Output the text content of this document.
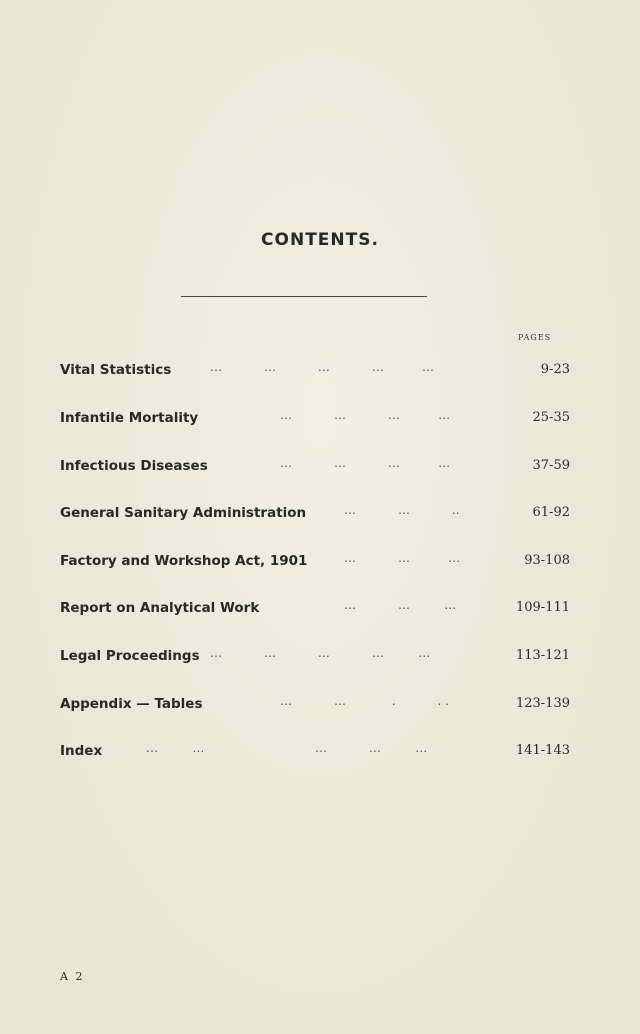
CONTENTS.
PAGES
Vital Statistics	…           …           …           …          …	9-23
Infantile Mortality	…           …           …          …	25-35
Infectious Diseases	…           …           …          …	37-59
General Sanitary Administration	…           …           ..	61-92
Factory and Workshop Act, 1901	…           …          …	93-108
Report on Analytical Work	…           …         …	109-111
Legal Proceedings …           …           …           …         …	113-121
Appendix — Tables	…           …            .           . .	123-139
Index	…         …                             …           …         …	141-143
A 2
